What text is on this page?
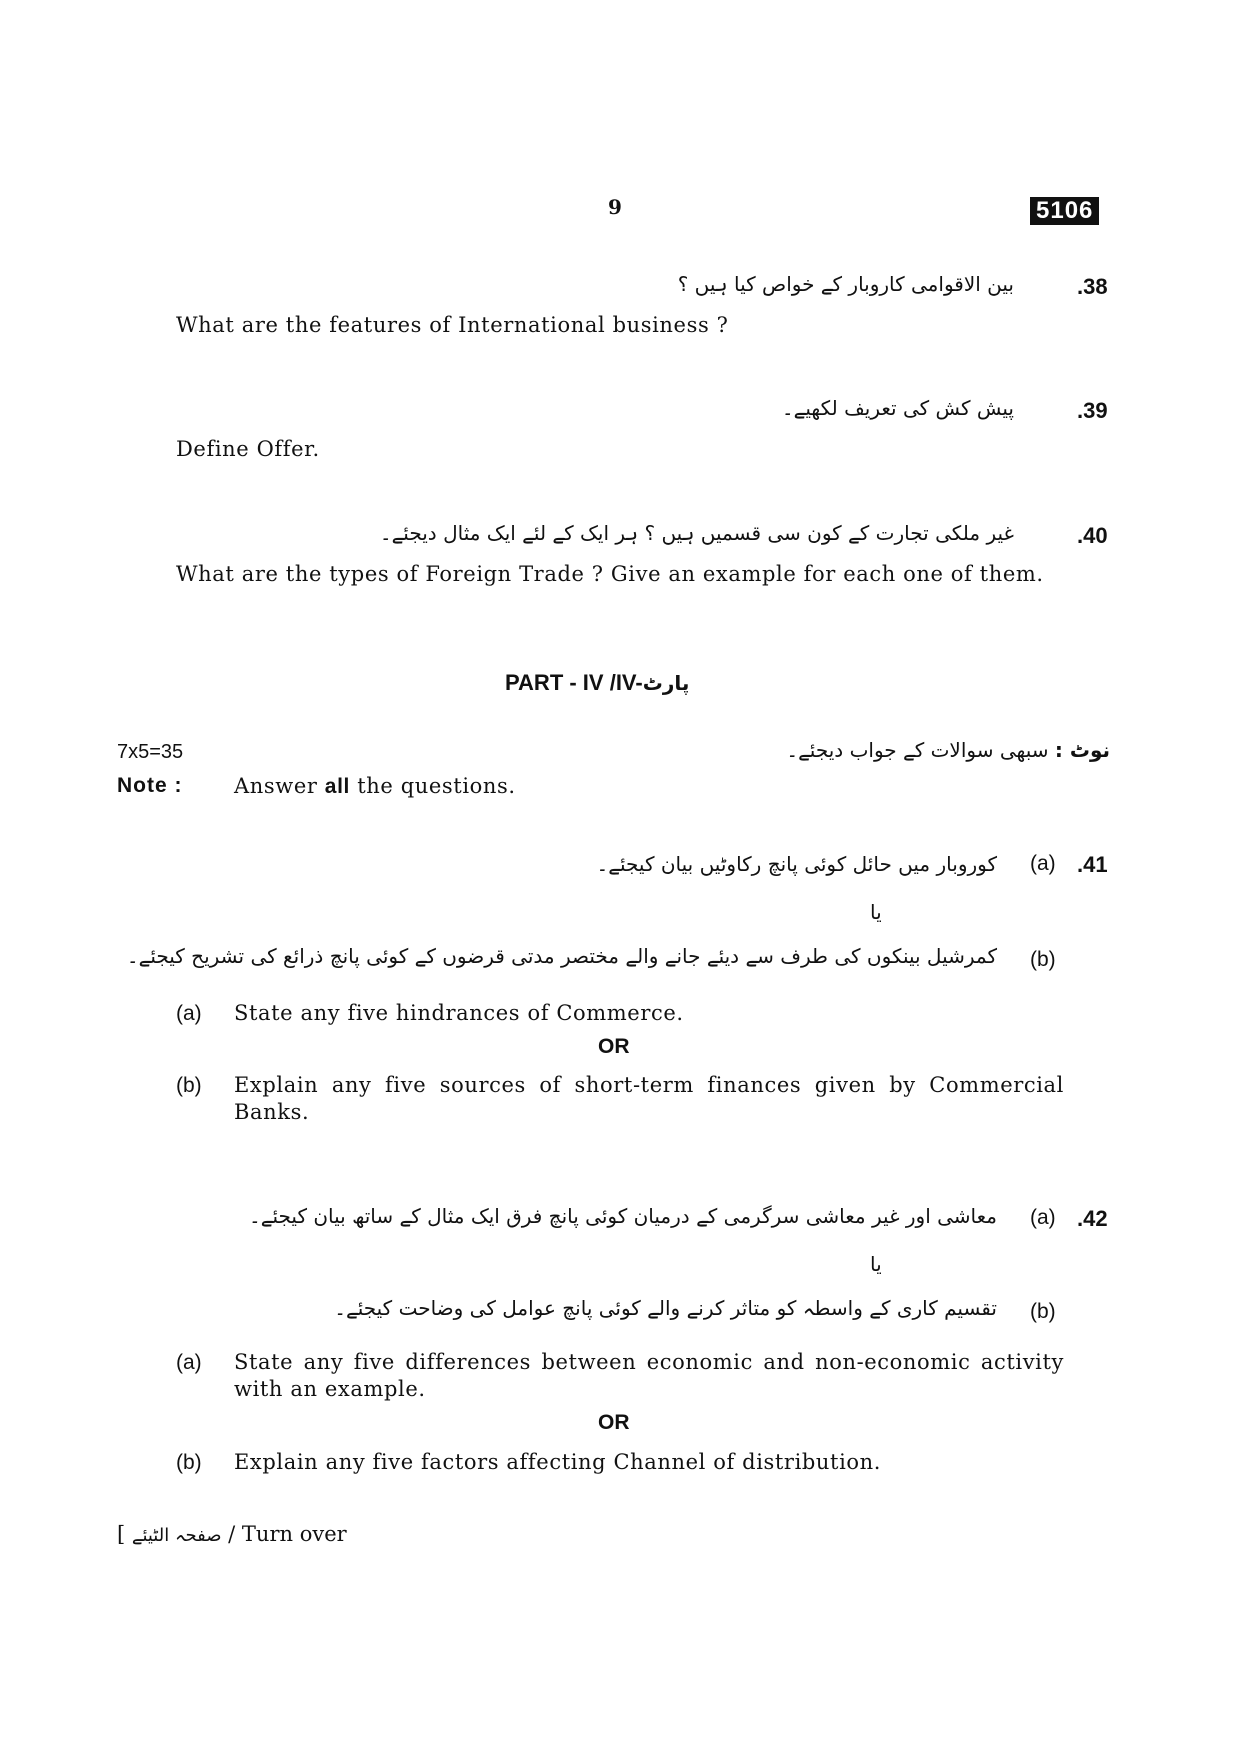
9	5106
بین الاقوامی کاروبار کے خواص کیا ہیں ؟	.38
What are the features of International business ?
پیش کش کی تعریف لکھیے۔	.39
Define Offer.
غیر ملکی تجارت کے کون سی قسمیں ہیں ؟ ہر ایک کے لئے ایک مثال دیجئے۔	.40
What are the types of Foreign Trade ? Give an example for each one of them.
PART - IV /IV-پارٹ
7x5=35	نوٹ : سبھی سوالات کے جواب دیجئے۔
Note : Answer all the questions.
کوروبار میں حائل کوئی پانچ رکاوٹیں بیان کیجئے۔ (a) .41
یا
کمرشیل بینکوں کی طرف سے دیئے جانے والے مختصر مدتی قرضوں کے کوئی پانچ ذرائع کی تشریح کیجئے۔ (b)
(a) State any five hindrances of Commerce.
OR
(b) Explain any five sources of short-term finances given by Commercial Banks.
معاشی اور غیر معاشی سرگرمی کے درمیان کوئی پانچ فرق ایک مثال کے ساتھ بیان کیجئے۔ (a) .42
یا
تقسیم کاری کے واسطہ کو متاثر کرنے والے کوئی پانچ عوامل کی وضاحت کیجئے۔ (b)
(a) State any five differences between economic and non-economic activity with an example.
OR
(b) Explain any five factors affecting Channel of distribution.
[ صفحہ الٹیئے / Turn over
